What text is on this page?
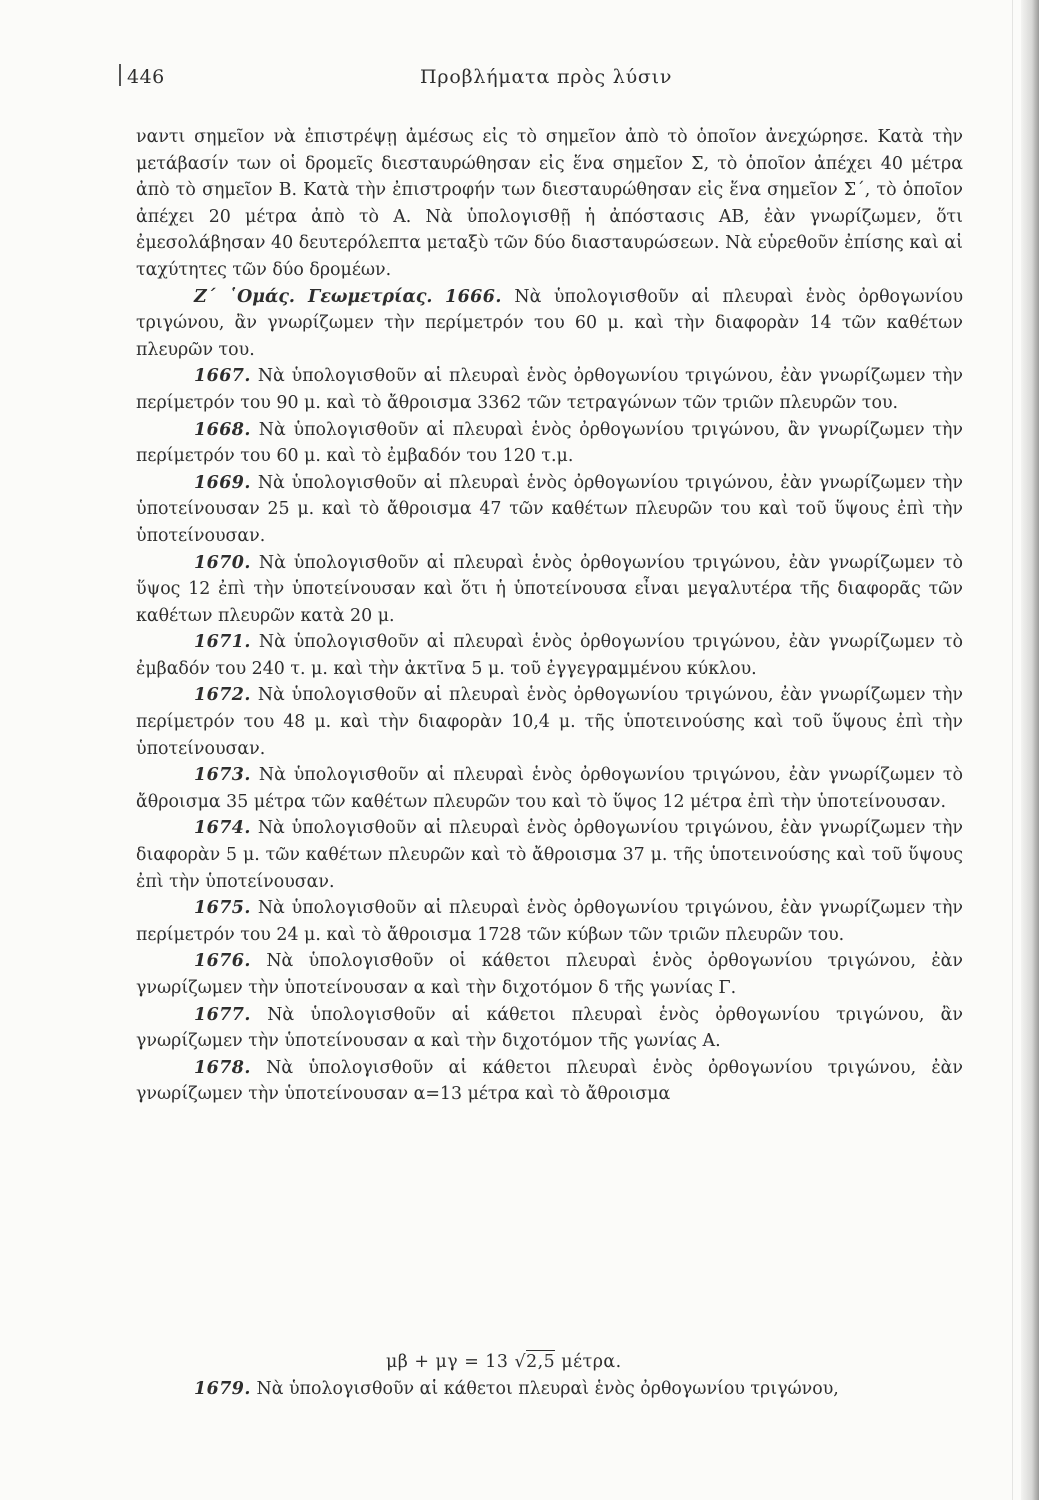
446	Προβλήματα πρὸς λύσιν

ναντι σημεῖον νὰ ἐπιστρέψῃ ἀμέσως εἰς τὸ σημεῖον ἀπὸ τὸ ὁποῖον ἀνεχώρησε. Κατὰ τὴν μετάβασίν των οἱ δρομεῖς διεσταυρώθησαν εἰς ἕνα σημεῖον Σ, τὸ ὁποῖον ἀπέχει 40 μέτρα ἀπὸ τὸ σημεῖον Β. Κατὰ τὴν ἐπιστροφήν των διεσταυρώθησαν εἰς ἕνα σημεῖον Σ΄, τὸ ὁποῖον ἀπέχει 20 μέτρα ἀπὸ τὸ Α. Νὰ ὑπολογισθῇ ἡ ἀπόστασις ΑΒ, ἐὰν γνωρίζωμεν, ὅτι ἐμεσολάβησαν 40 δευτερόλεπτα μεταξὺ τῶν δύο διασταυρώσεων. Νὰ εὑρεθοῦν ἐπίσης καὶ αἱ ταχύτητες τῶν δύο δρομέων.

Ζ΄ ῾Ομάς. Γεωμετρίας. 1666. Νὰ ὑπολογισθοῦν αἱ πλευραὶ ἑνὸς ὀρθογωνίου τριγώνου, ἂν γνωρίζωμεν τὴν περίμετρόν του 60 μ. καὶ τὴν διαφορὰν 14 τῶν καθέτων πλευρῶν του.

1667. Νὰ ὑπολογισθοῦν αἱ πλευραὶ ἑνὸς ὀρθογωνίου τριγώνου, ἐὰν γνωρίζωμεν τὴν περίμετρόν του 90 μ. καὶ τὸ ἄθροισμα 3362 τῶν τετραγώνων τῶν τριῶν πλευρῶν του.

1668. Νὰ ὑπολογισθοῦν αἱ πλευραὶ ἑνὸς ὀρθογωνίου τριγώνου, ἂν γνωρίζωμεν τὴν περίμετρόν του 60 μ. καὶ τὸ ἐμβαδόν του 120 τ.μ.

1669. Νὰ ὑπολογισθοῦν αἱ πλευραὶ ἑνὸς ὀρθογωνίου τριγώνου, ἐὰν γνωρίζωμεν τὴν ὑποτείνουσαν 25 μ. καὶ τὸ ἄθροισμα 47 τῶν καθέτων πλευρῶν του καὶ τοῦ ὕψους ἐπὶ τὴν ὑποτείνουσαν.

1670. Νὰ ὑπολογισθοῦν αἱ πλευραὶ ἑνὸς ὀρθογωνίου τριγώνου, ἐὰν γνωρίζωμεν τὸ ὕψος 12 ἐπὶ τὴν ὑποτείνουσαν καὶ ὅτι ἡ ὑποτείνουσα εἶναι μεγαλυτέρα τῆς διαφορᾶς τῶν καθέτων πλευρῶν κατὰ 20 μ.

1671. Νὰ ὑπολογισθοῦν αἱ πλευραὶ ἑνὸς ὀρθογωνίου τριγώνου, ἐὰν γνωρίζωμεν τὸ ἐμβαδόν του 240 τ. μ. καὶ τὴν ἀκτῖνα 5 μ. τοῦ ἐγγεγραμμένου κύκλου.

1672. Νὰ ὑπολογισθοῦν αἱ πλευραὶ ἑνὸς ὀρθογωνίου τριγώνου, ἐὰν γνωρίζωμεν τὴν περίμετρόν του 48 μ. καὶ τὴν διαφορὰν 10,4 μ. τῆς ὑποτεινούσης καὶ τοῦ ὕψους ἐπὶ τὴν ὑποτείνουσαν.

1673. Νὰ ὑπολογισθοῦν αἱ πλευραὶ ἑνὸς ὀρθογωνίου τριγώνου, ἐὰν γνωρίζωμεν τὸ ἄθροισμα 35 μέτρα τῶν καθέτων πλευρῶν του καὶ τὸ ὕψος 12 μέτρα ἐπὶ τὴν ὑποτείνουσαν.

1674. Νὰ ὑπολογισθοῦν αἱ πλευραὶ ἑνὸς ὀρθογωνίου τριγώνου, ἐὰν γνωρίζωμεν τὴν διαφορὰν 5 μ. τῶν καθέτων πλευρῶν καὶ τὸ ἄθροισμα 37 μ. τῆς ὑποτεινούσης καὶ τοῦ ὕψους ἐπὶ τὴν ὑποτείνουσαν.

1675. Νὰ ὑπολογισθοῦν αἱ πλευραὶ ἑνὸς ὀρθογωνίου τριγώνου, ἐὰν γνωρίζωμεν τὴν περίμετρόν του 24 μ. καὶ τὸ ἄθροισμα 1728 τῶν κύβων τῶν τριῶν πλευρῶν του.

1676. Νὰ ὑπολογισθοῦν οἱ κάθετοι πλευραὶ ἑνὸς ὀρθογωνίου τριγώνου, ἐὰν γνωρίζωμεν τὴν ὑποτείνουσαν α καὶ τὴν διχοτόμον δ τῆς γωνίας Γ.

1677. Νὰ ὑπολογισθοῦν αἱ κάθετοι πλευραὶ ἑνὸς ὀρθογωνίου τριγώνου, ἂν γνωρίζωμεν τὴν ὑποτείνουσαν α καὶ τὴν διχοτόμον τῆς γωνίας Α.

1678. Νὰ ὑπολογισθοῦν αἱ κάθετοι πλευραὶ ἑνὸς ὀρθογωνίου τριγώνου, ἐὰν γνωρίζωμεν τὴν ὑποτείνουσαν α=13 μέτρα καὶ τὸ ἄθροισμα

μβ + μγ = 13 √2,5 μέτρα.

1679. Νὰ ὑπολογισθοῦν αἱ κάθετοι πλευραὶ ἑνὸς ὀρθογωνίου τριγώνου,
